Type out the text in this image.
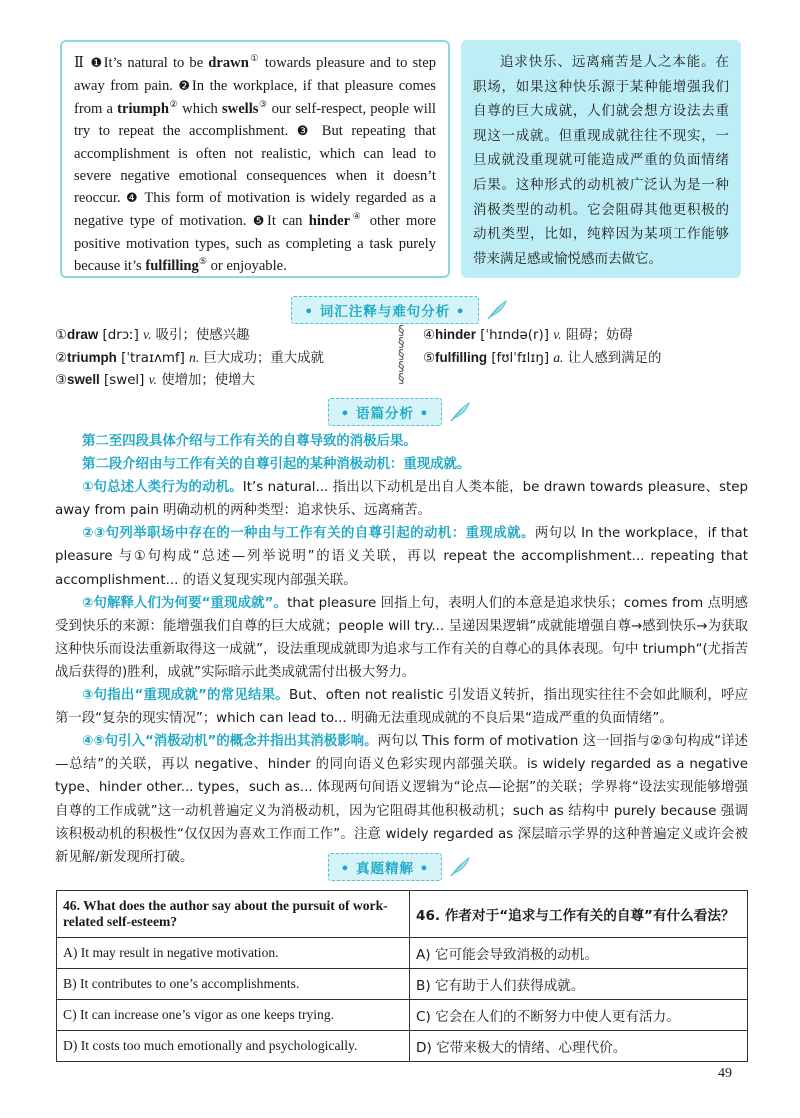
Ⅱ ❶It’s natural to be drawn① towards pleasure and to step away from pain. ❷In the workplace, if that pleasure comes from a triumph② which swells③ our self-respect, people will try to repeat the accomplishment. ❸ But repeating that accomplishment is often not realistic, which can lead to severe negative emotional consequences when it doesn’t reoccur. ❹ This form of motivation is widely regarded as a negative type of motivation. ❺It can hinder④ other more positive motivation types, such as completing a task purely because it’s fulfilling⑤ or enjoyable.

追求快乐、远离痛苦是人之本能。在职场，如果这种快乐源于某种能增强我们自尊的巨大成就，人们就会想方设法去重现这一成就。但重现成就往往不现实，一旦成就没重现就可能造成严重的负面情绪后果。这种形式的动机被广泛认为是一种消极类型的动机。它会阻碍其他更积极的动机类型，比如，纯粹因为某项工作能够带来满足感或愉悦感而去做它。

• 词汇注释与难句分析 •
①draw [drɔː] v. 吸引；使感兴趣
②triumph [ˈtraɪʌmf] n. 巨大成功；重大成就
③swell [swel] v. 使增加；使增大
§
§
§
§
§
④hinder [ˈhɪndə(r)] v. 阻碍；妨碍
⑤fulfilling [fʊlˈfɪlɪŋ] a. 让人感到满足的
• 语篇分析 •

第二至四段具体介绍与工作有关的自尊导致的消极后果。

第二段介绍由与工作有关的自尊引起的某种消极动机：重现成就。

①句总述人类行为的动机。It’s natural... 指出以下动机是出自人类本能，be drawn towards pleasure、step away from pain 明确动机的两种类型：追求快乐、远离痛苦。

②③句列举职场中存在的一种由与工作有关的自尊引起的动机：重现成就。两句以 In the workplace，if that pleasure 与①句构成“总述—列举说明”的语义关联，再以 repeat the accomplishment... repeating that accomplishment... 的语义复现实现内部强关联。

②句解释人们为何要“重现成就”。that pleasure 回指上句，表明人们的本意是追求快乐；comes from 点明感受到快乐的来源：能增强我们自尊的巨大成就；people will try... 呈递因果逻辑“成就能增强自尊→感到快乐→为获取这种快乐而设法重新取得这一成就”，设法重现成就即为追求与工作有关的自尊心的具体表现。句中 triumph“(尤指苦战后获得的)胜利，成就”实际暗示此类成就需付出极大努力。

③句指出“重现成就”的常见结果。But、often not realistic 引发语义转折，指出现实往往不会如此顺利，呼应第一段“复杂的现实情况”；which can lead to... 明确无法重现成就的不良后果“造成严重的负面情绪”。

④⑤句引入“消极动机”的概念并指出其消极影响。两句以 This form of motivation 这一回指与②③句构成“详述—总结”的关联，再以 negative、hinder 的同向语义色彩实现内部强关联。is widely regarded as a negative type、hinder other... types，such as... 体现两句间语义逻辑为“论点—论据”的关联；学界将“设法实现能够增强自尊的工作成就”这一动机普遍定义为消极动机，因为它阻碍其他积极动机；such as 结构中 purely because 强调该积极动机的积极性“仅仅因为喜欢工作而工作”。注意 widely regarded as 深层暗示学界的这种普遍定义或许会被新见解/新发现所打破。

• 真题精解 •
46. What does the author say about the pursuit of work-related self-esteem?	46. 作者对于“追求与工作有关的自尊”有什么看法？
A) It may result in negative motivation.	A) 它可能会导致消极的动机。
B) It contributes to one’s accomplishments.	B) 它有助于人们获得成就。
C) It can increase one’s vigor as one keeps trying.	C) 它会在人们的不断努力中使人更有活力。
D) It costs too much emotionally and psychologically.	D) 它带来极大的情绪、心理代价。
49
